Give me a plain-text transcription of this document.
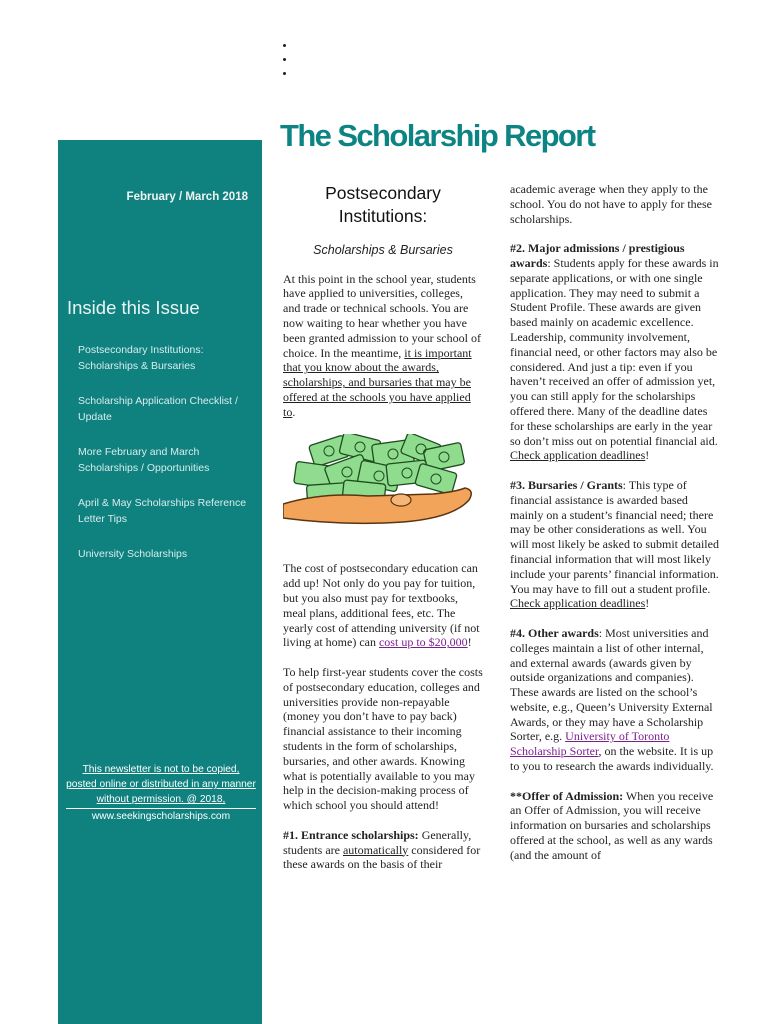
The Scholarship Report
February / March 2018
Inside this Issue
Postsecondary Institutions: Scholarships & Bursaries
Scholarship Application Checklist / Update
More February and March Scholarships / Opportunities
April & May Scholarships Reference Letter Tips
University Scholarships
This newsletter is not to be copied, posted online or distributed in any manner without permission. @ 2018,
www.seekingscholarships.com

Postsecondary Institutions:

Scholarships & Bursaries

At this point in the school year, students have applied to universities, colleges, and trade or technical schools. You are now waiting to hear whether you have been granted admission to your school of choice. In the meantime, it is important that you know about the awards, scholarships, and bursaries that may be offered at the schools you have applied to.

The cost of postsecondary education can add up! Not only do you pay for tuition, but you also must pay for textbooks, meal plans, additional fees, etc. The yearly cost of attending university (if not living at home) can cost up to $20,000!

To help first-year students cover the costs of postsecondary education, colleges and universities provide non-repayable (money you don’t have to pay back) financial assistance to their incoming students in the form of scholarships, bursaries, and other awards. Knowing what is potentially available to you may help in the decision-making process of which school you should attend!

#1. Entrance scholarships: Generally, students are automatically considered for these awards on the basis of their

academic average when they apply to the school. You do not have to apply for these scholarships.

#2. Major admissions / prestigious awards: Students apply for these awards in separate applications, or with one single application. They may need to submit a Student Profile. These awards are given based mainly on academic excellence. Leadership, community involvement, financial need, or other factors may also be considered. And just a tip: even if you haven’t received an offer of admission yet, you can still apply for the scholarships offered there. Many of the deadline dates for these scholarships are early in the year so don’t miss out on potential financial aid. Check application deadlines!

#3. Bursaries / Grants: This type of financial assistance is awarded based mainly on a student’s financial need; there may be other considerations as well. You will most likely be asked to submit detailed financial information that will most likely include your parents’ financial information. You may have to fill out a student profile. Check application deadlines!

#4. Other awards: Most universities and colleges maintain a list of other internal, and external awards (awards given by outside organizations and companies). These awards are listed on the school’s website, e.g., Queen’s University External Awards, or they may have a Scholarship Sorter, e.g. University of Toronto Scholarship Sorter, on the website. It is up to you to research the awards individually.

**Offer of Admission: When you receive an Offer of Admission, you will receive information on bursaries and scholarships offered at the school, as well as any wards (and the amount of
